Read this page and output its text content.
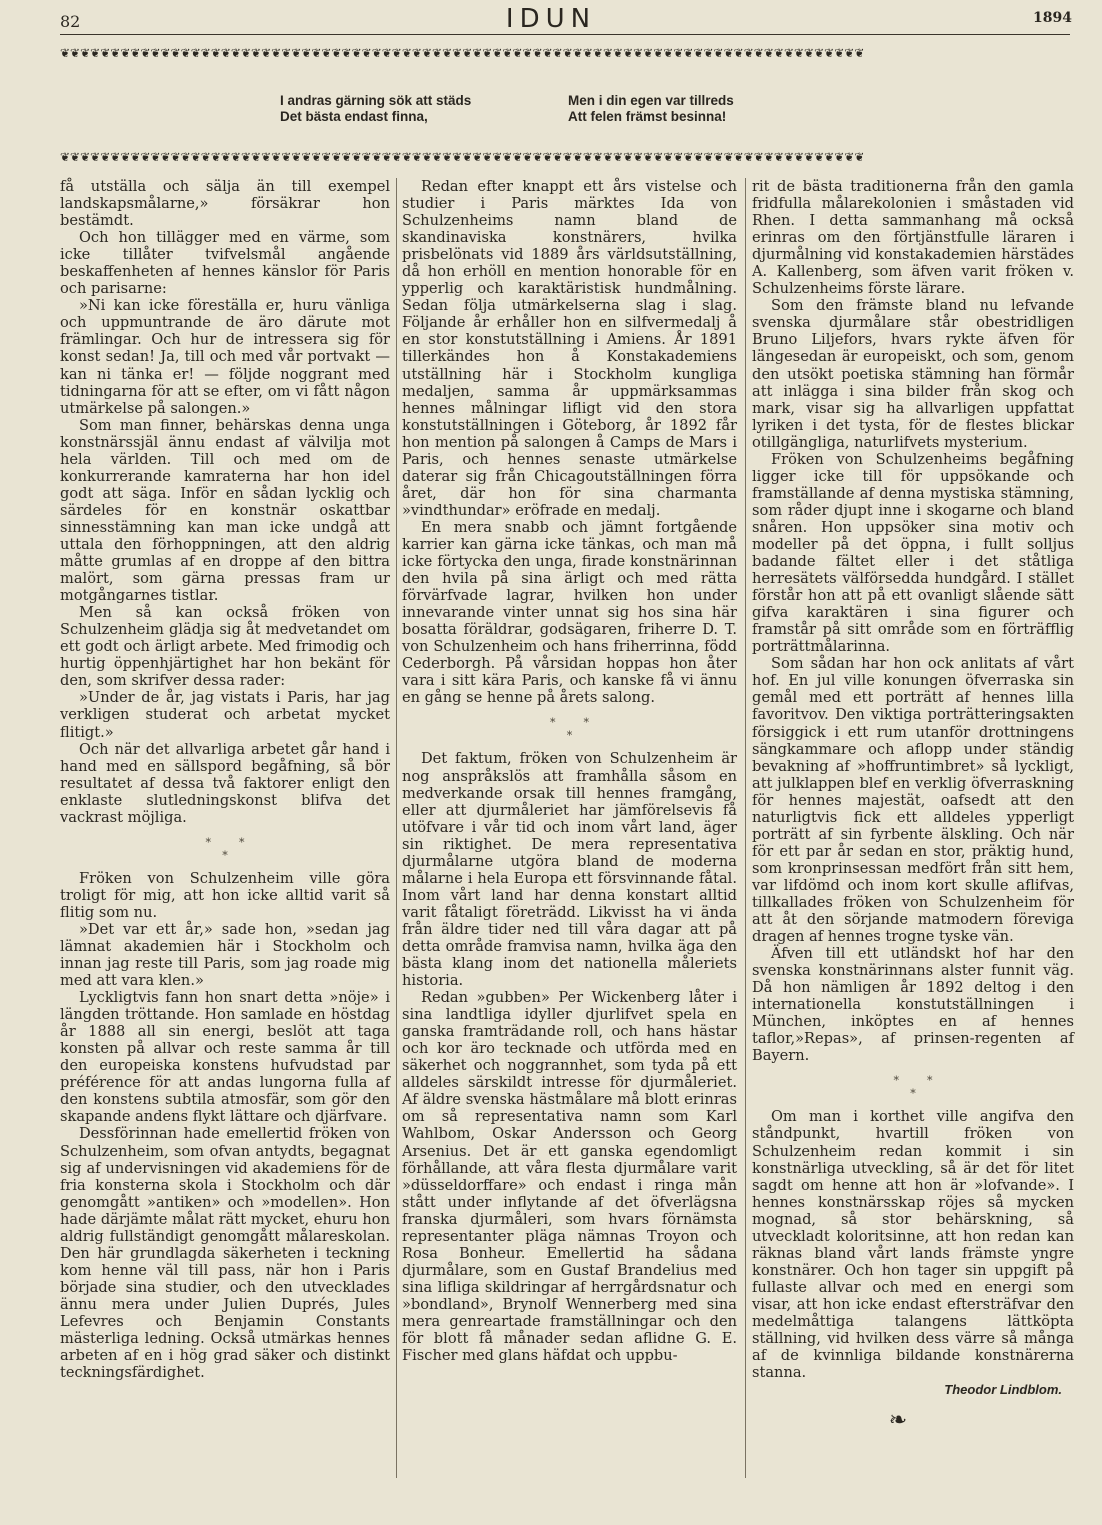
82	IDUN	1894
❦❦❦❦❦❦❦❦❦❦❦❦❦❦❦❦❦❦❦❦❦❦❦❦❦❦❦❦❦❦❦❦❦❦❦❦❦❦❦❦❦❦❦❦❦❦❦❦❦❦❦❦❦❦❦❦❦❦❦❦❦❦❦❦❦❦❦❦❦❦❦❦❦❦❦❦❦❦❦❦
I andras gärning sök att städs
Det bästa endast finna,
Men i din egen var tillreds
Att felen främst besinna!
❦❦❦❦❦❦❦❦❦❦❦❦❦❦❦❦❦❦❦❦❦❦❦❦❦❦❦❦❦❦❦❦❦❦❦❦❦❦❦❦❦❦❦❦❦❦❦❦❦❦❦❦❦❦❦❦❦❦❦❦❦❦❦❦❦❦❦❦❦❦❦❦❦❦❦❦❦❦❦❦

få utställa och sälja än till exempel landskapsmålarne,» försäkrar hon bestämdt.

Och hon tillägger med en värme, som icke tillåter tvifvelsmål angående beskaffenheten af hennes känslor för Paris och parisarne:

»Ni kan icke föreställa er, huru vänliga och uppmuntrande de äro därute mot främlingar. Och hur de intressera sig för konst sedan! Ja, till och med vår portvakt — kan ni tänka er! — följde noggrant med tidningarna för att se efter, om vi fått någon utmärkelse på salongen.»

Som man finner, behärskas denna unga konstnärssjäl ännu endast af välvilja mot hela världen. Till och med om de konkurrerande kamraterna har hon idel godt att säga. Inför en sådan lycklig och särdeles för en konstnär oskattbar sinnesstämning kan man icke undgå att uttala den förhoppningen, att den aldrig måtte grumlas af en droppe af den bittra malört, som gärna pressas fram ur motgångarnes tistlar.

Men så kan också fröken von Schulzenheim glädja sig åt medvetandet om ett godt och ärligt arbete. Med frimodig och hurtig öppenhjärtighet har hon bekänt för den, som skrifver dessa rader:

»Under de år, jag vistats i Paris, har jag verkligen studerat och arbetat mycket flitigt.»

Och när det allvarliga arbetet går hand i hand med en sällspord begåfning, så bör resultatet af dessa två faktorer enligt den enklaste slutledningskonst blifva det vackrast möjliga.

*	*
*

Fröken von Schulzenheim ville göra troligt för mig, att hon icke alltid varit så flitig som nu.

»Det var ett år,» sade hon, »sedan jag lämnat akademien här i Stockholm och innan jag reste till Paris, som jag roade mig med att vara klen.»

Lyckligtvis fann hon snart detta »nöje» i längden tröttande. Hon samlade en höstdag år 1888 all sin energi, beslöt att taga konsten på allvar och reste samma år till den europeiska konstens hufvudstad par préférence för att andas lungorna fulla af den konstens subtila atmosfär, som gör den skapande andens flykt lättare och djärfvare.

Dessförinnan hade emellertid fröken von Schulzenheim, som ofvan antydts, begagnat sig af undervisningen vid akademiens för de fria konsterna skola i Stockholm och där genomgått »antiken» och »modellen». Hon hade därjämte målat rätt mycket, ehuru hon aldrig fullständigt genomgått målareskolan. Den här grundlagda säkerheten i teckning kom henne väl till pass, när hon i Paris började sina studier, och den utvecklades ännu mera under Julien Duprés, Jules Lefevres och Benjamin Constants mästerliga ledning. Också utmärkas hennes arbeten af en i hög grad säker och distinkt teckningsfärdighet.

Redan efter knappt ett års vistelse och studier i Paris märktes Ida von Schulzenheims namn bland de skandinaviska konstnärers, hvilka prisbelönats vid 1889 års världsutställning, då hon erhöll en mention honorable för en ypperlig och karaktäristisk hundmålning. Sedan följa utmärkelserna slag i slag. Följande år erhåller hon en silfvermedalj å en stor konstutställning i Amiens. År 1891 tillerkändes hon å Konstakademiens utställning här i Stockholm kungliga medaljen, samma år uppmärksammas hennes målningar lifligt vid den stora konstutställningen i Göteborg, år 1892 får hon mention på salongen å Camps de Mars i Paris, och hennes senaste utmärkelse daterar sig från Chicagoutställningen förra året, där hon för sina charmanta »vindthundar» eröfrade en medalj.

En mera snabb och jämnt fortgående karrier kan gärna icke tänkas, och man må icke förtycka den unga, firade konstnärinnan den hvila på sina ärligt och med rätta förvärfvade lagrar, hvilken hon under innevarande vinter unnat sig hos sina här bosatta föräldrar, godsägaren, friherre D. T. von Schulzenheim och hans friherrinna, född Cederborgh. På vårsidan hoppas hon åter vara i sitt kära Paris, och kanske få vi ännu en gång se henne på årets salong.

*	*
*

Det faktum, fröken von Schulzenheim är nog anspråkslös att framhålla såsom en medverkande orsak till hennes framgång, eller att djurmåleriet har jämförelsevis få utöfvare i vår tid och inom vårt land, äger sin riktighet. De mera representativa djurmålarne utgöra bland de moderna målarne i hela Europa ett försvinnande fåtal. Inom vårt land har denna konstart alltid varit fåtaligt företrädd. Likvisst ha vi ända från äldre tider ned till våra dagar att på detta område framvisa namn, hvilka äga den bästa klang inom det nationella måleriets historia.

Redan »gubben» Per Wickenberg låter i sina landtliga idyller djurlifvet spela en ganska framträdande roll, och hans hästar och kor äro tecknade och utförda med en säkerhet och noggrannhet, som tyda på ett alldeles särskildt intresse för djurmåleriet. Af äldre svenska hästmålare må blott erinras om så representativa namn som Karl Wahlbom, Oskar Andersson och Georg Arsenius. Det är ett ganska egendomligt förhållande, att våra flesta djurmålare varit »düsseldorffare» och endast i ringa mån stått under inflytande af det öfverlägsna franska djurmåleri, som hvars förnämsta representanter pläga nämnas Troyon och Rosa Bonheur. Emellertid ha sådana djurmålare, som en Gustaf Brandelius med sina lifliga skildringar af herrgårdsnatur och »bondland», Brynolf Wennerberg med sina mera genreartade framställningar och den för blott få månader sedan aflidne G. E. Fischer med glans häfdat och uppbu-

rit de bästa traditionerna från den gamla fridfulla målarekolonien i småstaden vid Rhen. I detta sammanhang må också erinras om den förtjänstfulle läraren i djurmålning vid konstakademien härstädes A. Kallenberg, som äfven varit fröken v. Schulzenheims förste lärare.

Som den främste bland nu lefvande svenska djurmålare står obestridligen Bruno Liljefors, hvars rykte äfven för längesedan är europeiskt, och som, genom den utsökt poetiska stämning han förmår att inlägga i sina bilder från skog och mark, visar sig ha allvarligen uppfattat lyriken i det tysta, för de flestes blickar otillgängliga, naturlifvets mysterium.

Fröken von Schulzenheims begåfning ligger icke till för uppsökande och framställande af denna mystiska stämning, som råder djupt inne i skogarne och bland snåren. Hon uppsöker sina motiv och modeller på det öppna, i fullt solljus badande fältet eller i det ståtliga herresätets välförsedda hundgård. I stället förstår hon att på ett ovanligt slående sätt gifva karaktären i sina figurer och framstår på sitt område som en förträfflig porträttmålarinna.

Som sådan har hon ock anlitats af vårt hof. En jul ville konungen öfverraska sin gemål med ett porträtt af hennes lilla favoritvov. Den viktiga porträtteringsakten försiggick i ett rum utanför drottningens sängkammare och aflopp under ständig bevakning af »hoffruntimbret» så lyckligt, att julklappen blef en verklig öfverraskning för hennes majestät, oafsedt att den naturligtvis fick ett alldeles ypperligt porträtt af sin fyrbente älskling. Och när för ett par år sedan en stor, präktig hund, som kronprinsessan medfört från sitt hem, var lifdömd och inom kort skulle aflifvas, tillkallades fröken von Schulzenheim för att åt den sörjande matmodern föreviga dragen af hennes trogne tyske vän.

Äfven till ett utländskt hof har den svenska konstnärinnans alster funnit väg. Då hon nämligen år 1892 deltog i den internationella konstutställningen i München, inköptes en af hennes taflor,»Repas», af prinsen-regenten af Bayern.

*	*
*

Om man i korthet ville angifva den ståndpunkt, hvartill fröken von Schulzenheim redan kommit i sin konstnärliga utveckling, så är det för litet sagdt om henne att hon är »lofvande». I hennes konstnärsskap röjes så mycken mognad, så stor behärskning, så utveckladt koloritsinne, att hon redan kan räknas bland vårt lands främste yngre konstnärer. Och hon tager sin uppgift på fullaste allvar och med en energi som visar, att hon icke endast eftersträfvar den medelmåttiga talangens lättköpta ställning, vid hvilken dess värre så många af de kvinnliga bildande konstnärerna stanna.

Theodor Lindblom.
❧
